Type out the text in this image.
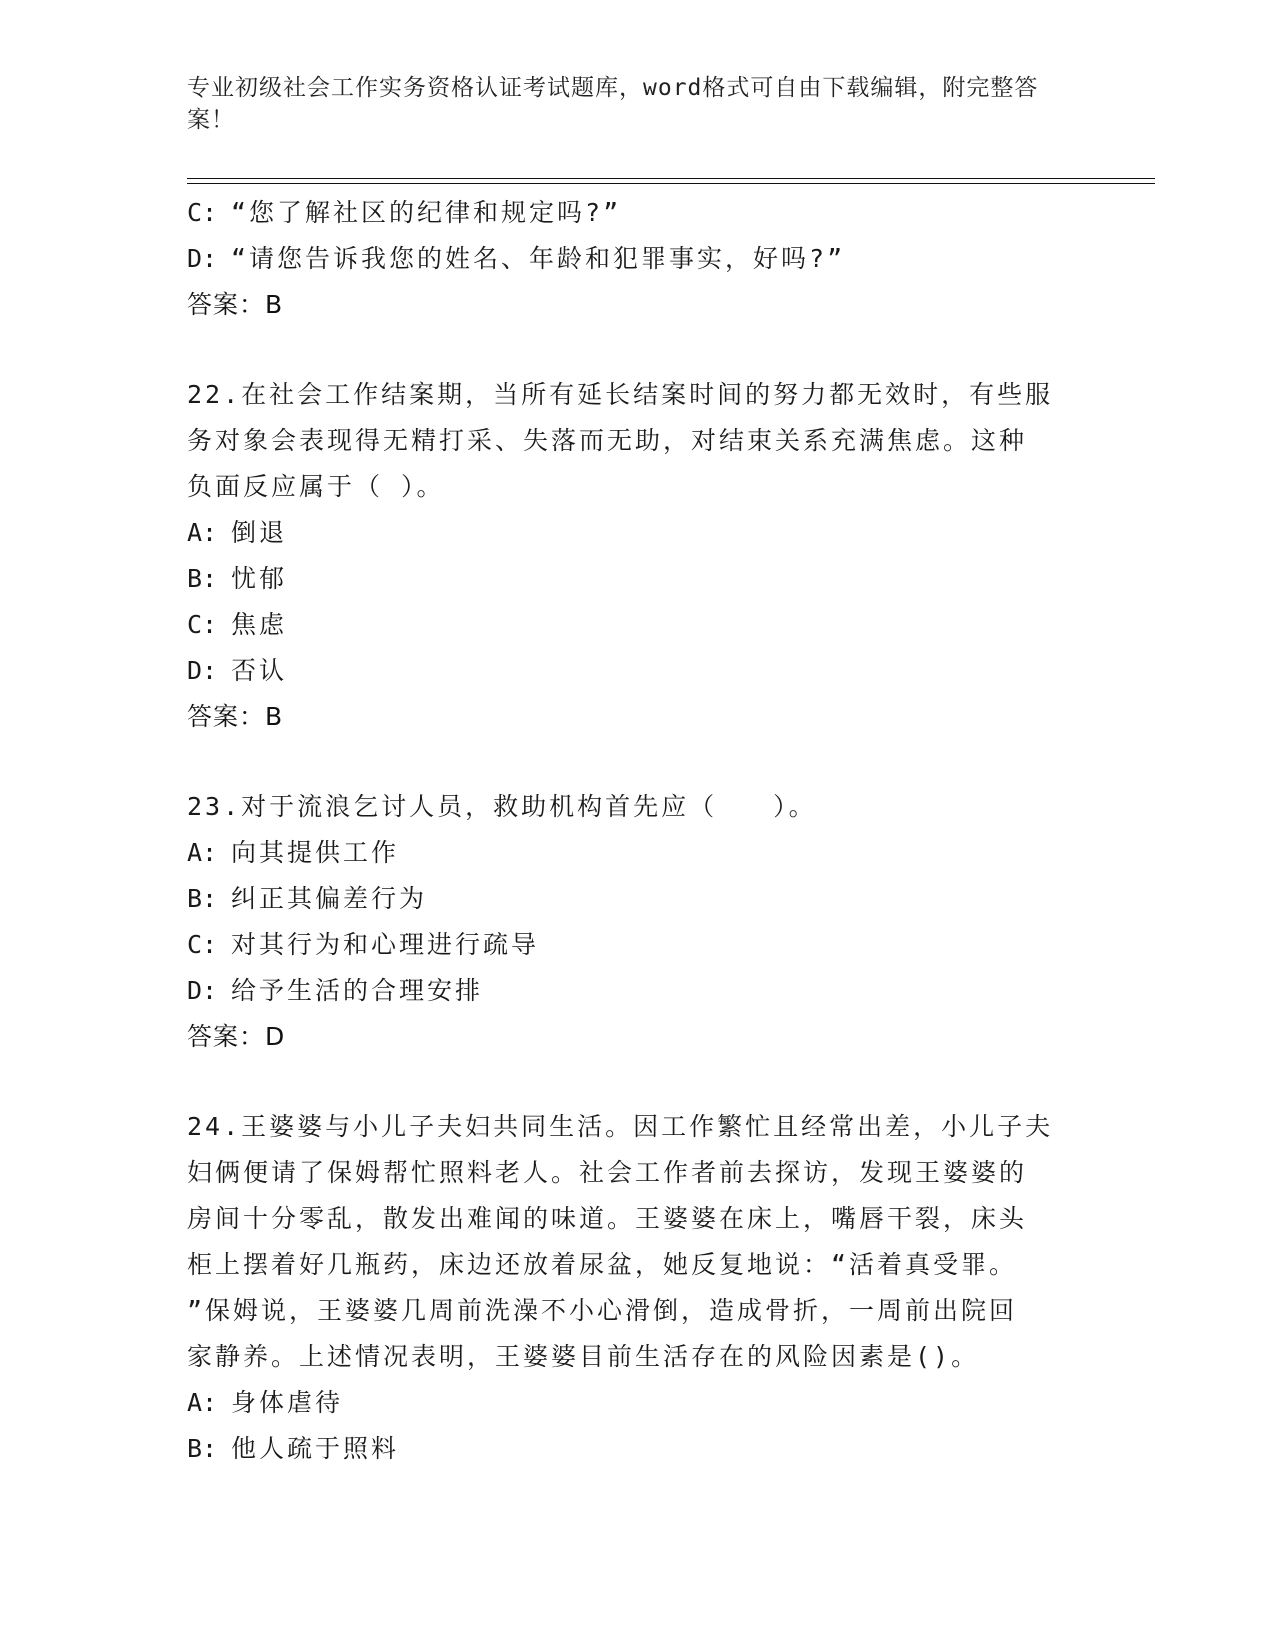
专业初级社会工作实务资格认证考试题库，word格式可自由下载编辑，附完整答案！
C: “您了解社区的纪律和规定吗?”
D: “请您告诉我您的姓名、年龄和犯罪事实，好吗?”
答案：B
22.在社会工作结案期，当所有延长结案时间的努力都无效时，有些服
务对象会表现得无精打采、失落而无助，对结束关系充满焦虑。这种
负面反应属于（ ）。
A: 倒退
B: 忧郁
C: 焦虑
D: 否认
答案：B
23.对于流浪乞讨人员，救助机构首先应（　　）。
A: 向其提供工作
B: 纠正其偏差行为
C: 对其行为和心理进行疏导
D: 给予生活的合理安排
答案：D
24.王婆婆与小儿子夫妇共同生活。因工作繁忙且经常出差，小儿子夫
妇俩便请了保姆帮忙照料老人。社会工作者前去探访，发现王婆婆的
房间十分零乱，散发出难闻的味道。王婆婆在床上，嘴唇干裂，床头
柜上摆着好几瓶药，床边还放着尿盆，她反复地说：“活着真受罪。
”保姆说，王婆婆几周前洗澡不小心滑倒，造成骨折，一周前出院回
家静养。上述情况表明，王婆婆目前生活存在的风险因素是()。
A: 身体虐待
B: 他人疏于照料
